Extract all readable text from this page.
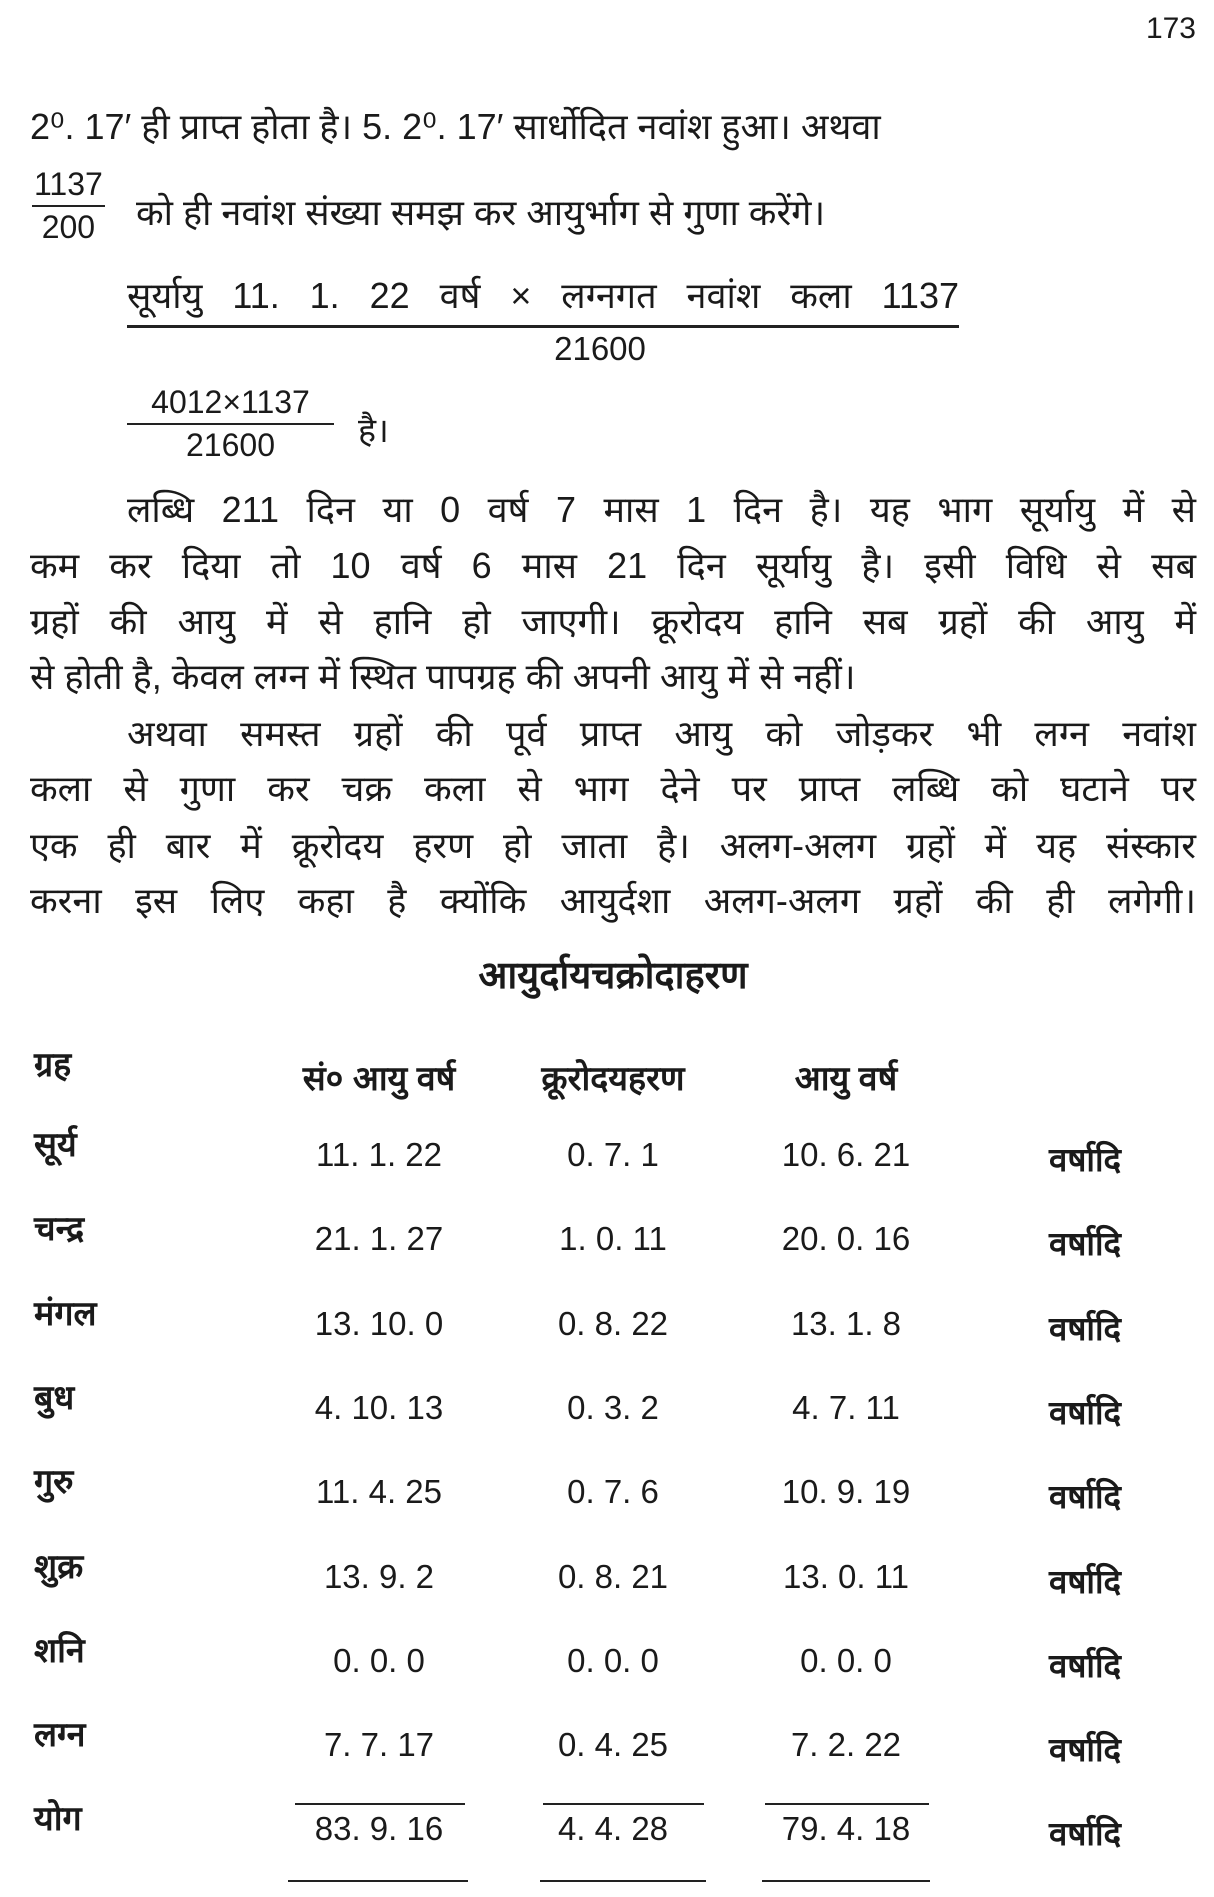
173
2⁰. 17′ ही प्राप्त होता है। 5. 2⁰. 17′ सार्धोदित नवांश हुआ। अथवा
$\frac{1137}{200}$ को ही नवांश संख्या समझ कर आयुर्भाग से गुणा करेंगे।
सूर्यायु 11. 1. 22 वर्ष × लग्नगत नवांश कला 1137
21600
$\frac{4012\times 1137}{21600}$ है।
लब्धि 211 दिन या 0 वर्ष 7 मास 1 दिन है। यह भाग सूर्यायु में से
कम कर दिया तो 10 वर्ष 6 मास 21 दिन सूर्यायु है। इसी विधि से सब
ग्रहों की आयु में से हानि हो जाएगी। क्रूरोदय हानि सब ग्रहों की आयु में
से होती है, केवल लग्न में स्थित पापग्रह की अपनी आयु में से नहीं।
अथवा समस्त ग्रहों की पूर्व प्राप्त आयु को जोड़कर भी लग्न नवांश
कला से गुणा कर चक्र कला से भाग देने पर प्राप्त लब्धि को घटाने पर
एक ही बार में क्रूरोदय हरण हो जाता है। अलग-अलग ग्रहों में यह संस्कार
करना इस लिए कहा है क्योंकि आयुर्दशा अलग-अलग ग्रहों की ही लगेगी।
आयुर्दायचक्रोदाहरण
ग्रह	सं० आयु वर्ष	क्रूरोदयहरण	आयु वर्ष
सूर्य	11. 1. 22	0. 7. 1	10. 6. 21	वर्षादि
चन्द्र	21. 1. 27	1. 0. 11	20. 0. 16	वर्षादि
मंगल	13. 10. 0	0. 8. 22	13. 1. 8	वर्षादि
बुध	4. 10. 13	0. 3. 2	4. 7. 11	वर्षादि
गुरु	11. 4. 25	0. 7. 6	10. 9. 19	वर्षादि
शुक्र	13. 9. 2	0. 8. 21	13. 0. 11	वर्षादि
शनि	0. 0. 0	0. 0. 0	0. 0. 0	वर्षादि
लग्न	7. 7. 17	0. 4. 25	7. 2. 22	वर्षादि
योग	83. 9. 16	4. 4. 28	79. 4. 18	वर्षादि
